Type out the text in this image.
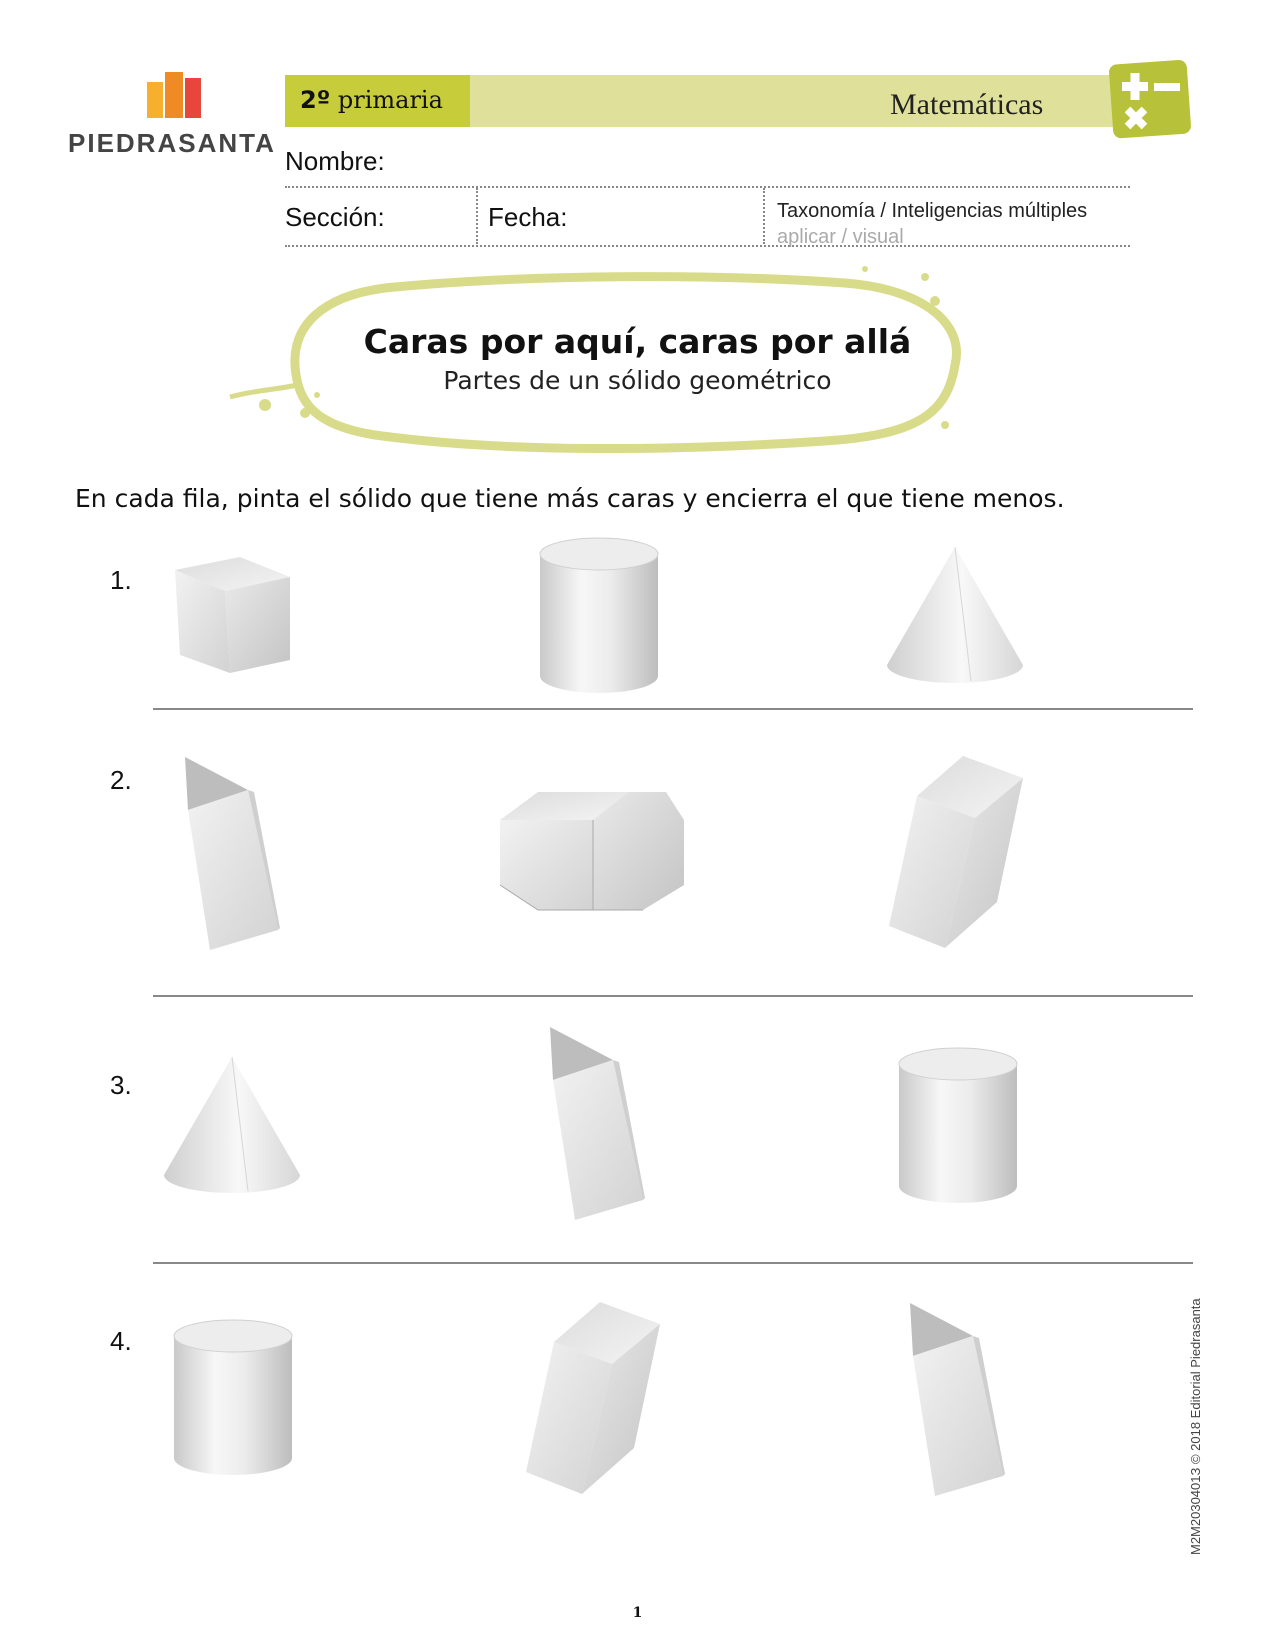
PIEDRASANTA
2º primaria	Matemáticas
Nombre:
Sección:	Fecha:	Taxonomía / Inteligencias múltiples
aplicar / visual
Caras por aquí, caras por allá
Partes de un sólido geométrico
En cada fila, pinta el sólido que tiene más caras y encierra el que tiene menos.
1.
2.
3.
4.	M2M2030401З © 2018 Editorial Piedrasanta
1
